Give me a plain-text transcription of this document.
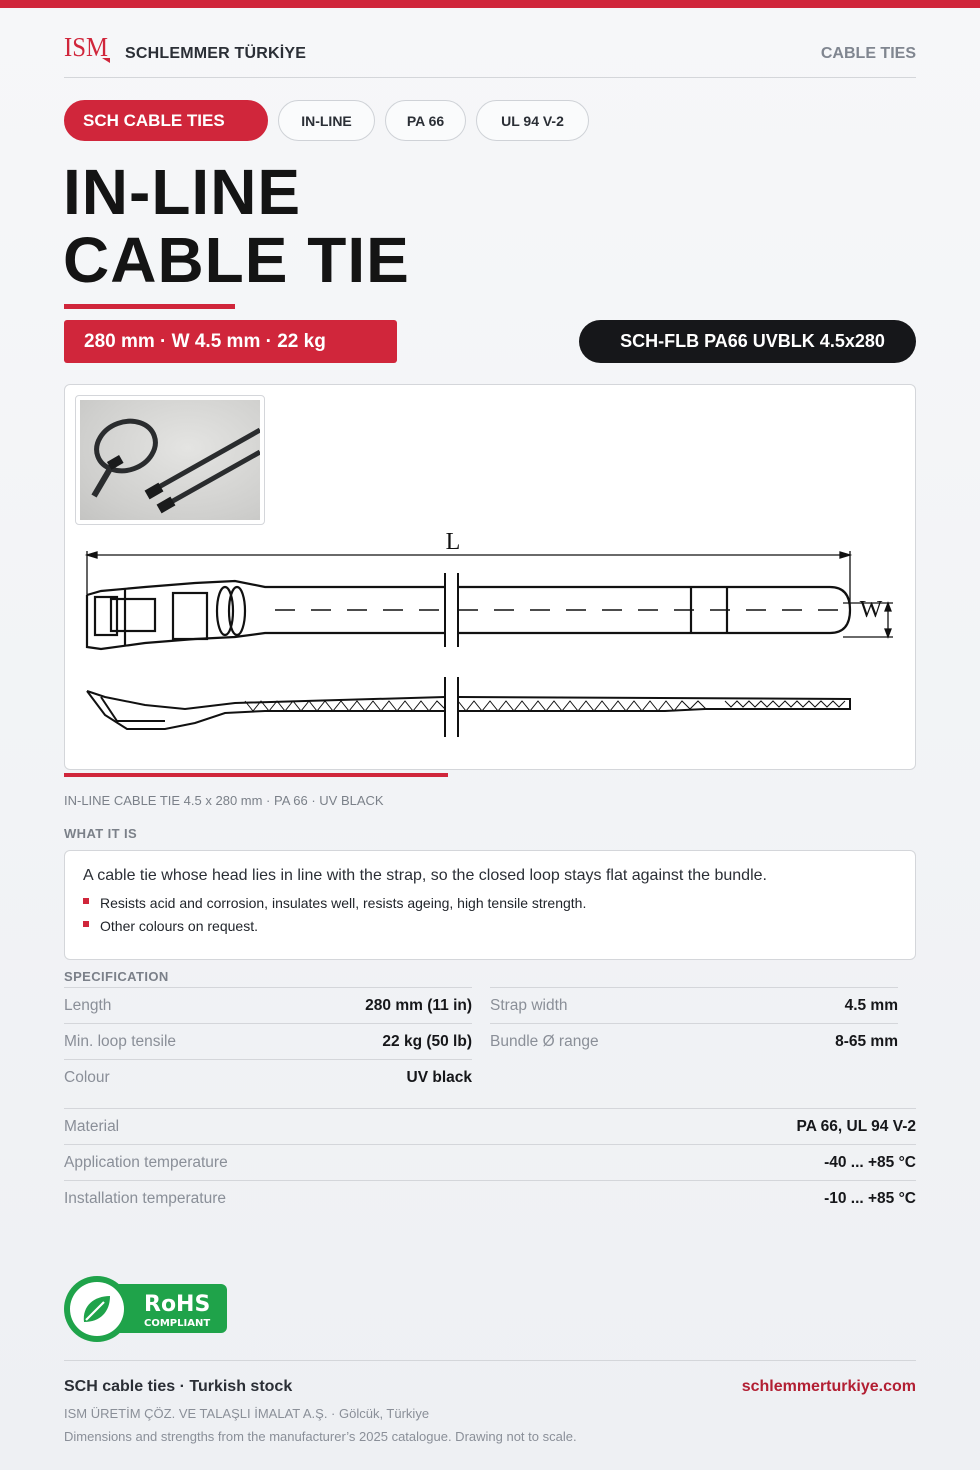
ISM SCHLEMMER TÜRKİYE	CABLE TIES
SCH CABLE TIES	IN-LINE	PA 66	UL 94 V-2
IN-LINE
CABLE TIE
280 mm · W 4.5 mm · 22 kg	SCH-FLB PA66 UVBLK 4.5x280
L
W
IN-LINE CABLE TIE 4.5 x 280 mm · PA 66 · UV BLACK
WHAT IT IS
A cable tie whose head lies in line with the strap, so the closed loop stays flat against the bundle.
Resists acid and corrosion, insulates well, resists ageing, high tensile strength.
Other colours on request.
SPECIFICATION
Length	280 mm (11 in)
Min. loop tensile	22 kg (50 lb)
Colour	UV black
Strap width	4.5 mm
Bundle Ø range	8-65 mm
Material	PA 66, UL 94 V-2
Application temperature	-40 ... +85 °C
Installation temperature	-10 ... +85 °C
RoHS
COMPLIANT
SCH cable ties · Turkish stock	schlemmerturkiye.com
ISM ÜRETİM ÇÖZ. VE TALAŞLI İMALAT A.Ş. · Gölcük, Türkiye
Dimensions and strengths from the manufacturer’s 2025 catalogue. Drawing not to scale.
